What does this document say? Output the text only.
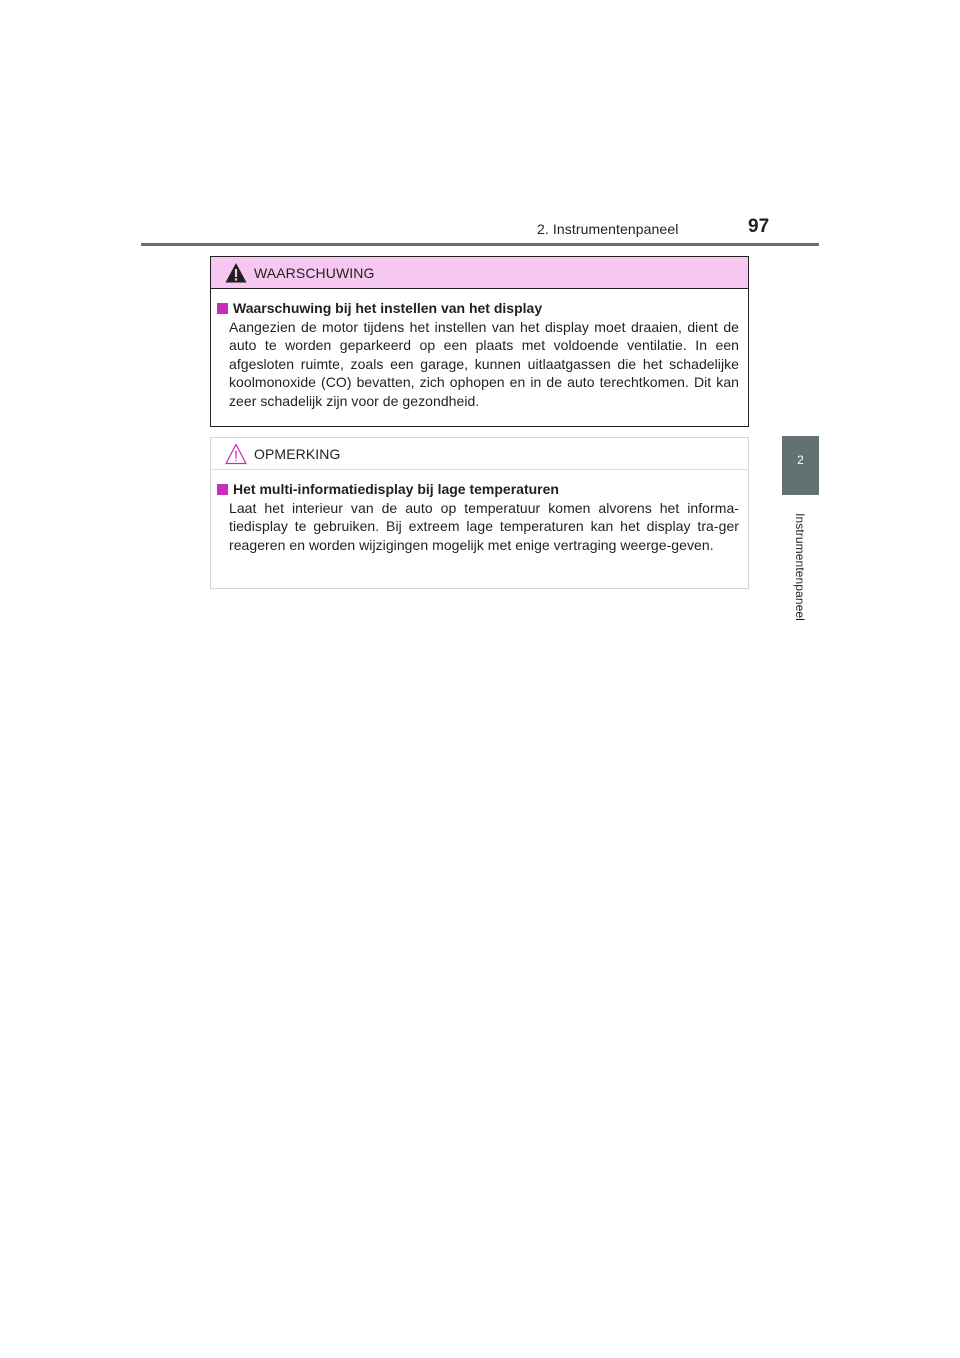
2. Instrumentenpaneel	97
2
Instrumentenpaneel
WAARSCHUWING
Waarschuwing bij het instellen van het display
Aangezien de motor tijdens het instellen van het display moet draaien, dient de auto te worden geparkeerd op een plaats met voldoende ventilatie. In een afgesloten ruimte, zoals een garage, kunnen uitlaatgassen die het schadelijke koolmonoxide (CO) bevatten, zich ophopen en in de auto terechtkomen. Dit kan zeer schadelijk zijn voor de gezondheid.
OPMERKING
Het multi-informatiedisplay bij lage temperaturen
Laat het interieur van de auto op temperatuur komen alvorens het informa-tiedisplay te gebruiken. Bij extreem lage temperaturen kan het display tra-ger reageren en worden wijzigingen mogelijk met enige vertraging weerge-geven.
